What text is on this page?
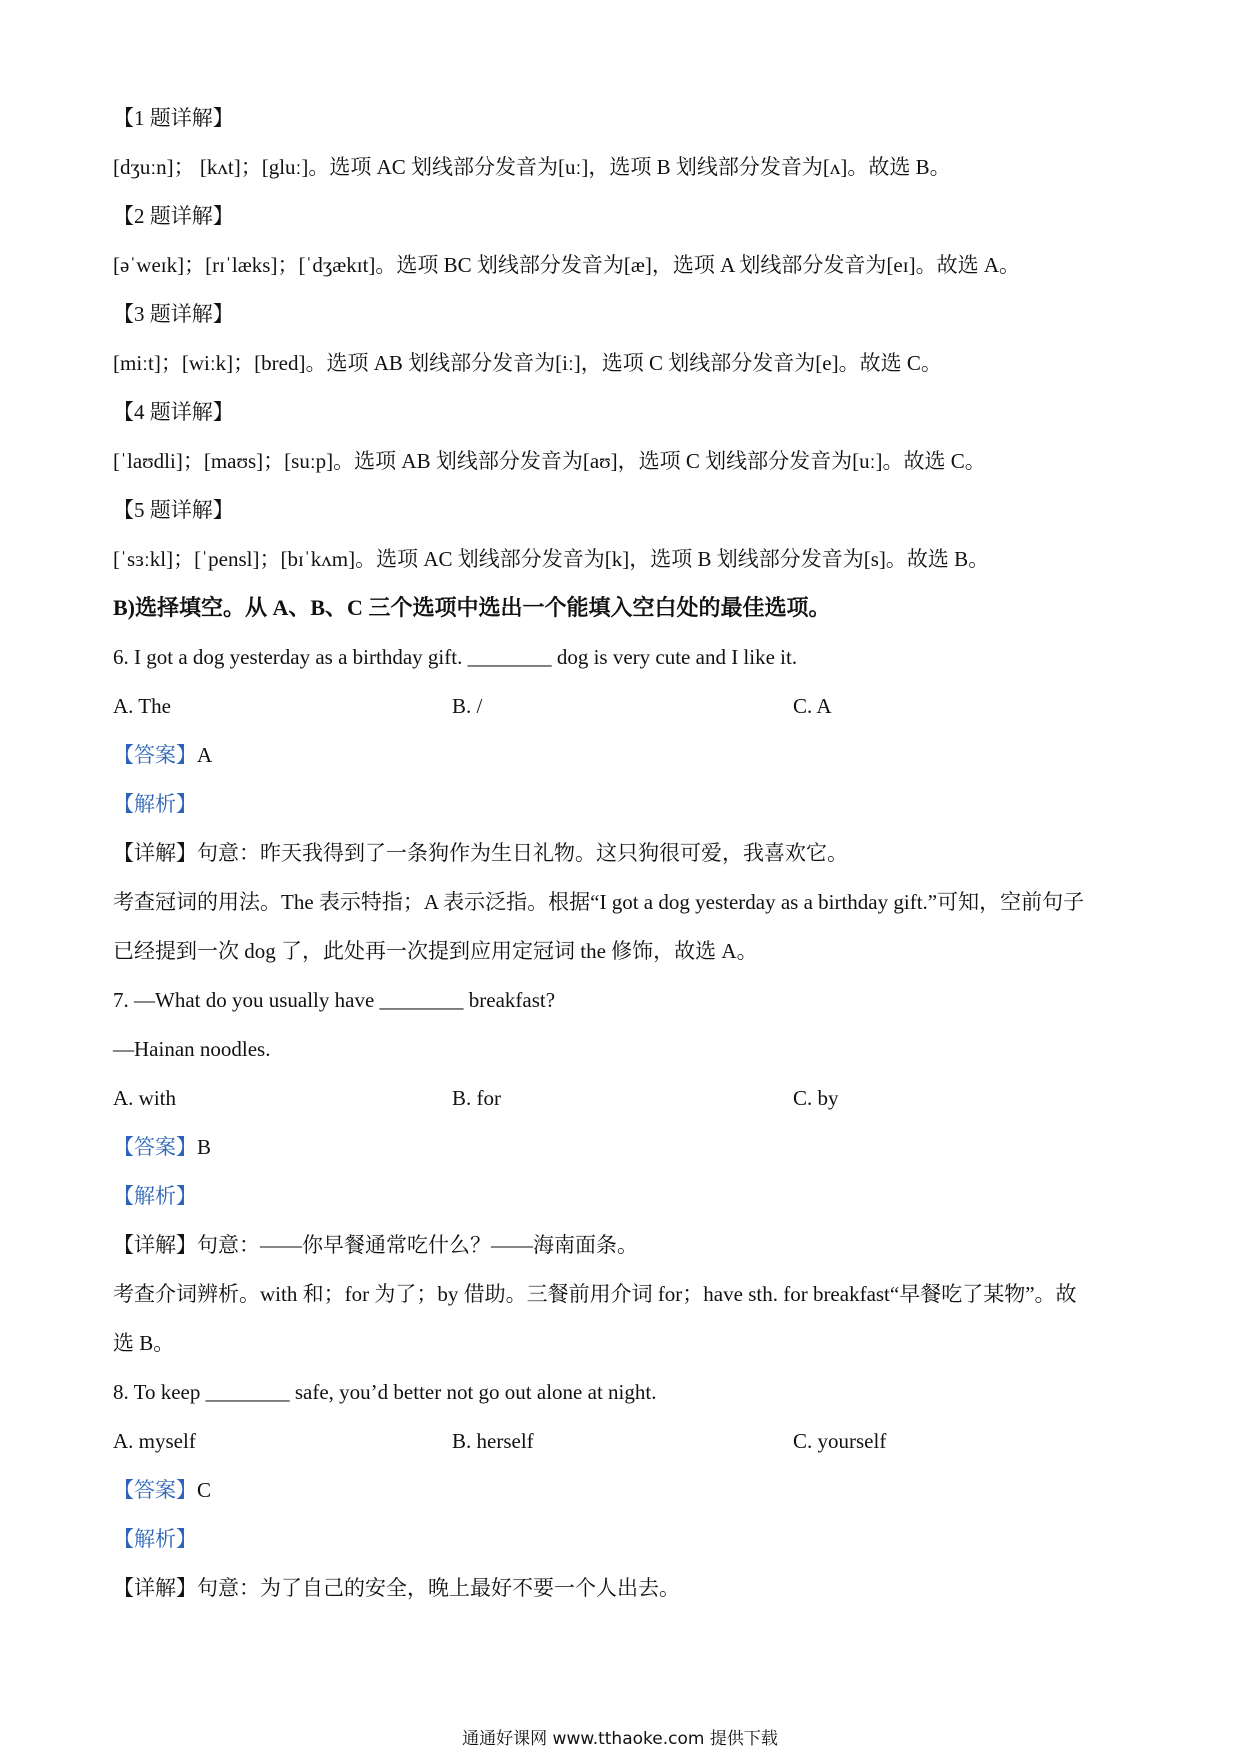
【1 题详解】
[dʒuːn]； [kʌt]；[gluː]。选项 AC 划线部分发音为[uː]，选项 B 划线部分发音为[ʌ]。故选 B。
【2 题详解】
[əˈweɪk]；[rɪˈlæks]；[ˈdʒækɪt]。选项 BC 划线部分发音为[æ]，选项 A 划线部分发音为[eɪ]。故选 A。
【3 题详解】
[miːt]；[wiːk]；[bred]。选项 AB 划线部分发音为[iː]，选项 C 划线部分发音为[e]。故选 C。
【4 题详解】
[ˈlaʊdli]；[maʊs]；[suːp]。选项 AB 划线部分发音为[aʊ]，选项 C 划线部分发音为[uː]。故选 C。
【5 题详解】
[ˈsɜːkl]；[ˈpensl]；[bɪˈkʌm]。选项 AC 划线部分发音为[k]，选项 B 划线部分发音为[s]。故选 B。
B)选择填空。从 A、B、C 三个选项中选出一个能填入空白处的最佳选项。
6. I got a dog yesterday as a birthday gift. ________ dog is very cute and I like it.
A. The	B. /	C. A
【答案】A
【解析】
【详解】句意：昨天我得到了一条狗作为生日礼物。这只狗很可爱，我喜欢它。
考查冠词的用法。The 表示特指；A 表示泛指。根据“I got a dog yesterday as a birthday gift.”可知，空前句子
已经提到一次 dog 了，此处再一次提到应用定冠词 the 修饰，故选 A。
7. —What do you usually have ________ breakfast?
—Hainan noodles.
A. with	B. for	C. by
【答案】B
【解析】
【详解】句意：——你早餐通常吃什么？——海南面条。
考查介词辨析。with 和；for 为了；by 借助。三餐前用介词 for；have sth. for breakfast“早餐吃了某物”。故
选 B。
8. To keep ________ safe, you’d better not go out alone at night.
A. myself	B. herself	C. yourself
【答案】C
【解析】
【详解】句意：为了自己的安全，晚上最好不要一个人出去。
通通好课网 www.tthaoke.com 提供下载
